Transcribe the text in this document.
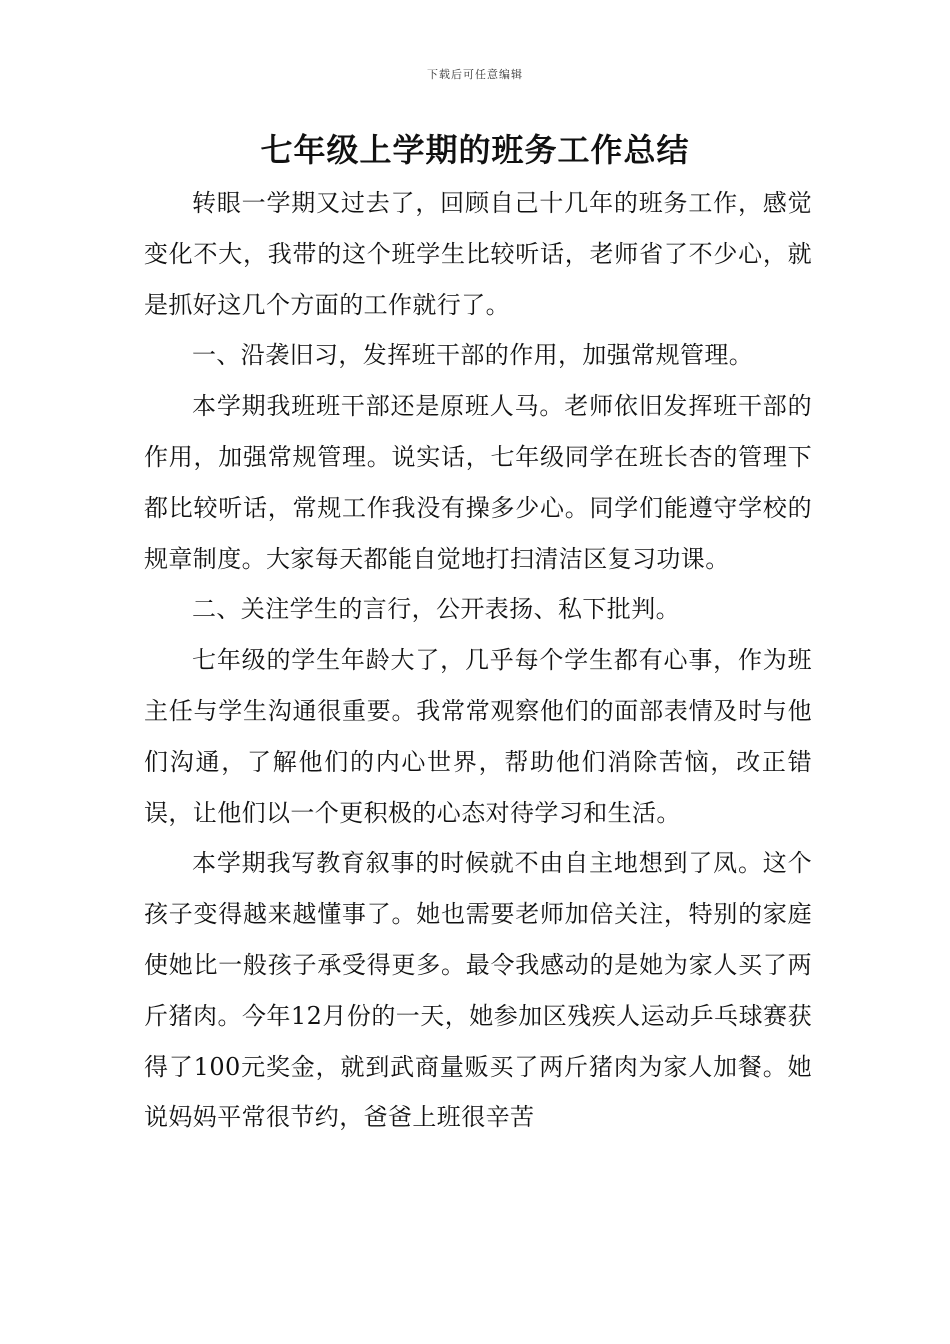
下载后可任意编辑
七年级上学期的班务工作总结

转眼一学期又过去了，回顾自己十几年的班务工作，感觉变化不大，我带的这个班学生比较听话，老师省了不少心，就是抓好这几个方面的工作就行了。

一、沿袭旧习，发挥班干部的作用，加强常规管理。

本学期我班班干部还是原班人马。老师依旧发挥班干部的作用，加强常规管理。说实话，七年级同学在班长杏的管理下都比较听话，常规工作我没有操多少心。同学们能遵守学校的规章制度。大家每天都能自觉地打扫清洁区复习功课。

二、关注学生的言行，公开表扬、私下批判。

七年级的学生年龄大了，几乎每个学生都有心事，作为班主任与学生沟通很重要。我常常观察他们的面部表情及时与他们沟通，了解他们的内心世界，帮助他们消除苦恼，改正错误，让他们以一个更积极的心态对待学习和生活。

本学期我写教育叙事的时候就不由自主地想到了凤。这个孩子变得越来越懂事了。她也需要老师加倍关注，特别的家庭使她比一般孩子承受得更多。最令我感动的是她为家人买了两斤猪肉。今年12月份的一天，她参加区残疾人运动乒乓球赛获得了100元奖金，就到武商量贩买了两斤猪肉为家人加餐。她说妈妈平常很节约，爸爸上班很辛苦
